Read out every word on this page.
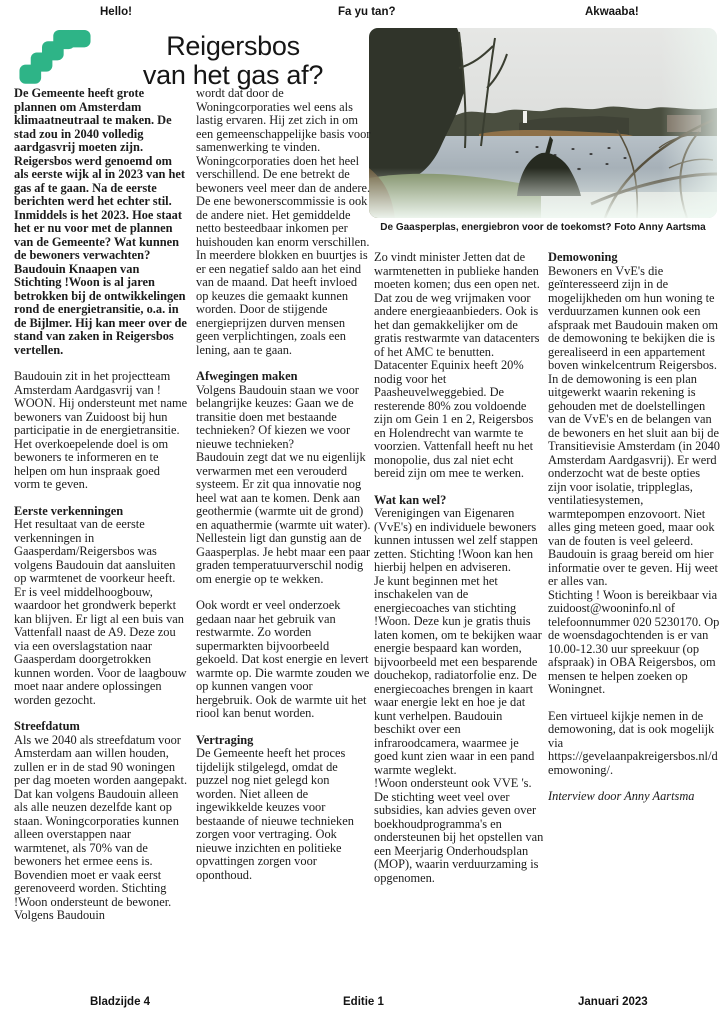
Hello!	Fa yu tan?	Akwaaba!
Reigersbos
van het gas af?
De Gaasperplas, energiebron voor de toekomst? Foto Anny Aartsma

De Gemeente heeft grote plannen om Amsterdam klimaatneutraal te maken. De stad zou in 2040 volledig aardgasvrij moeten zijn. Reigersbos werd genoemd om als eerste wijk al in 2023 van het gas af te gaan. Na de eerste berichten werd het echter stil. Inmiddels is het 2023. Hoe staat het er nu voor met de plannen van de Gemeente? Wat kunnen de bewoners verwachten?

Baudouin Knaapen van Stichting !Woon is al jaren betrokken bij de ontwikkelingen rond de energietransitie, o.a. in de Bijlmer. Hij kan meer over de stand van zaken in Reigersbos vertellen.

Baudouin zit in het projectteam Amsterdam Aardgasvrij van ! WOON. Hij ondersteunt met name bewoners van Zuidoost bij hun participatie in de energietransitie. Het overkoepelende doel is om bewoners te informeren en te helpen om hun inspraak goed vorm te geven.

Eerste verkenningen

Het resultaat van de eerste verkenningen in Gaasperdam/Reigersbos was volgens Baudouin dat aansluiten op warmtenet de voorkeur heeft. Er is veel middelhoogbouw, waardoor het grondwerk beperkt kan blijven. Er ligt al een buis van Vattenfall naast de A9. Deze zou via een overslagstation naar Gaasperdam doorgetrokken kunnen worden. Voor de laagbouw moet naar andere oplossingen worden gezocht.

Streefdatum

Als we 2040 als streefdatum voor Amsterdam aan willen houden, zullen er in de stad 90 woningen per dag moeten worden aangepakt. Dat kan volgens Baudouin alleen als alle neuzen dezelfde kant op staan. Woningcorporaties kunnen alleen overstappen naar warmtenet, als 70% van de bewoners het ermee eens is. Bovendien moet er vaak eerst gerenoveerd worden. Stichting !Woon ondersteunt de bewoner. Volgens Baudouin

wordt dat door de Woningcorporaties wel eens als lastig ervaren. Hij zet zich in om een gemeenschappelijke basis voor samenwerking te vinden. Woningcorporaties doen het heel verschillend. De ene betrekt de bewoners veel meer dan de andere. De ene bewonerscommissie is ook de andere niet. Het gemiddelde netto besteedbaar inkomen per huishouden kan enorm verschillen. In meerdere blokken en buurtjes is er een negatief saldo aan het eind van de maand. Dat heeft invloed op keuzes die gemaakt kunnen worden. Door de stijgende energieprijzen durven mensen geen verplichtingen, zoals een lening, aan te gaan.

Afwegingen maken

Volgens Baudouin staan we voor belangrijke keuzes: Gaan we de transitie doen met bestaande technieken? Of kiezen we voor nieuwe technieken?

Baudouin zegt dat we nu eigenlijk verwarmen met een verouderd systeem. Er zit qua innovatie nog heel wat aan te komen. Denk aan geothermie (warmte uit de grond) en aquathermie (warmte uit water). Nellestein ligt dan gunstig aan de Gaasperplas. Je hebt maar een paar graden temperatuurverschil nodig om energie op te wekken.

Ook wordt er veel onderzoek gedaan naar het gebruik van restwarmte. Zo worden supermarkten bijvoorbeeld gekoeld. Dat kost energie en levert warmte op. Die warmte zouden we op kunnen vangen voor hergebruik. Ook de warmte uit het riool kan benut worden.

Vertraging

De Gemeente heeft het proces tijdelijk stilgelegd, omdat de puzzel nog niet gelegd kon worden. Niet alleen de ingewikkelde keuzes voor bestaande of nieuwe technieken zorgen voor vertraging. Ook nieuwe inzichten en politieke opvattingen zorgen voor oponthoud.

Zo vindt minister Jetten dat de warmtenetten in publieke handen moeten komen; dus een open net. Dat zou de weg vrijmaken voor andere energieaanbieders. Ook is het dan gemakkelijker om de gratis restwarmte van datacenters of het AMC te benutten. Datacenter Equinix heeft 20% nodig voor het Paasheuvelweggebied. De resterende 80% zou voldoende zijn om Gein 1 en 2, Reigersbos en Holendrecht van warmte te voorzien. Vattenfall heeft nu het monopolie, dus zal niet echt bereid zijn om mee te werken.

Wat kan wel?

Verenigingen van Eigenaren (VvE's) en individuele bewoners kunnen intussen wel zelf stappen zetten. Stichting !Woon kan hen hierbij helpen en adviseren.

Je kunt beginnen met het inschakelen van de energiecoaches van stichting !Woon. Deze kun je gratis thuis laten komen, om te bekijken waar energie bespaard kan worden, bijvoorbeeld met een besparende douchekop, radiatorfolie enz. De energiecoaches brengen in kaart waar energie lekt en hoe je dat kunt verhelpen. Baudouin beschikt over een infraroodcamera, waarmee je goed kunt zien waar in een pand warmte weglekt.

!Woon ondersteunt ook VVE 's. De stichting weet veel over subsidies, kan advies geven over boekhoudprogramma's en ondersteunen bij het opstellen van een Meerjarig Onderhoudsplan (MOP), waarin verduurzaming is opgenomen.

Demowoning

Bewoners en VvE's die geïnteresseerd zijn in de mogelijkheden om hun woning te verduurzamen kunnen ook een afspraak met Baudouin maken om de demowoning te bekijken die is gerealiseerd in een appartement boven winkelcentrum Reigersbos. In de demowoning is een plan uitgewerkt waarin rekening is gehouden met de doelstellingen van de VvE's en de belangen van de bewoners en het sluit aan bij de Transitievisie Amsterdam (in 2040 Amsterdam Aardgasvrij). Er werd onderzocht wat de beste opties zijn voor isolatie, trippleglas, ventilatiesystemen, warmtepompen enzovoort. Niet alles ging meteen goed, maar ook van de fouten is veel geleerd. Baudouin is graag bereid om hier informatie over te geven. Hij weet er alles van.

Stichting ! Woon is bereikbaar via zuidoost@wooninfo.nl of telefoonnummer 020 5230170. Op de woensdagochtenden is er van 10.00-12.30 uur spreekuur (op afspraak) in OBA Reigersbos, om mensen te helpen zoeken op Woningnet.

Een virtueel kijkje nemen in de demowoning, dat is ook mogelijk via https://gevelaanpakreigersbos.nl/demowoning/.

Interview door Anny Aartsma

Bladzijde 4	Editie 1	Januari 2023
